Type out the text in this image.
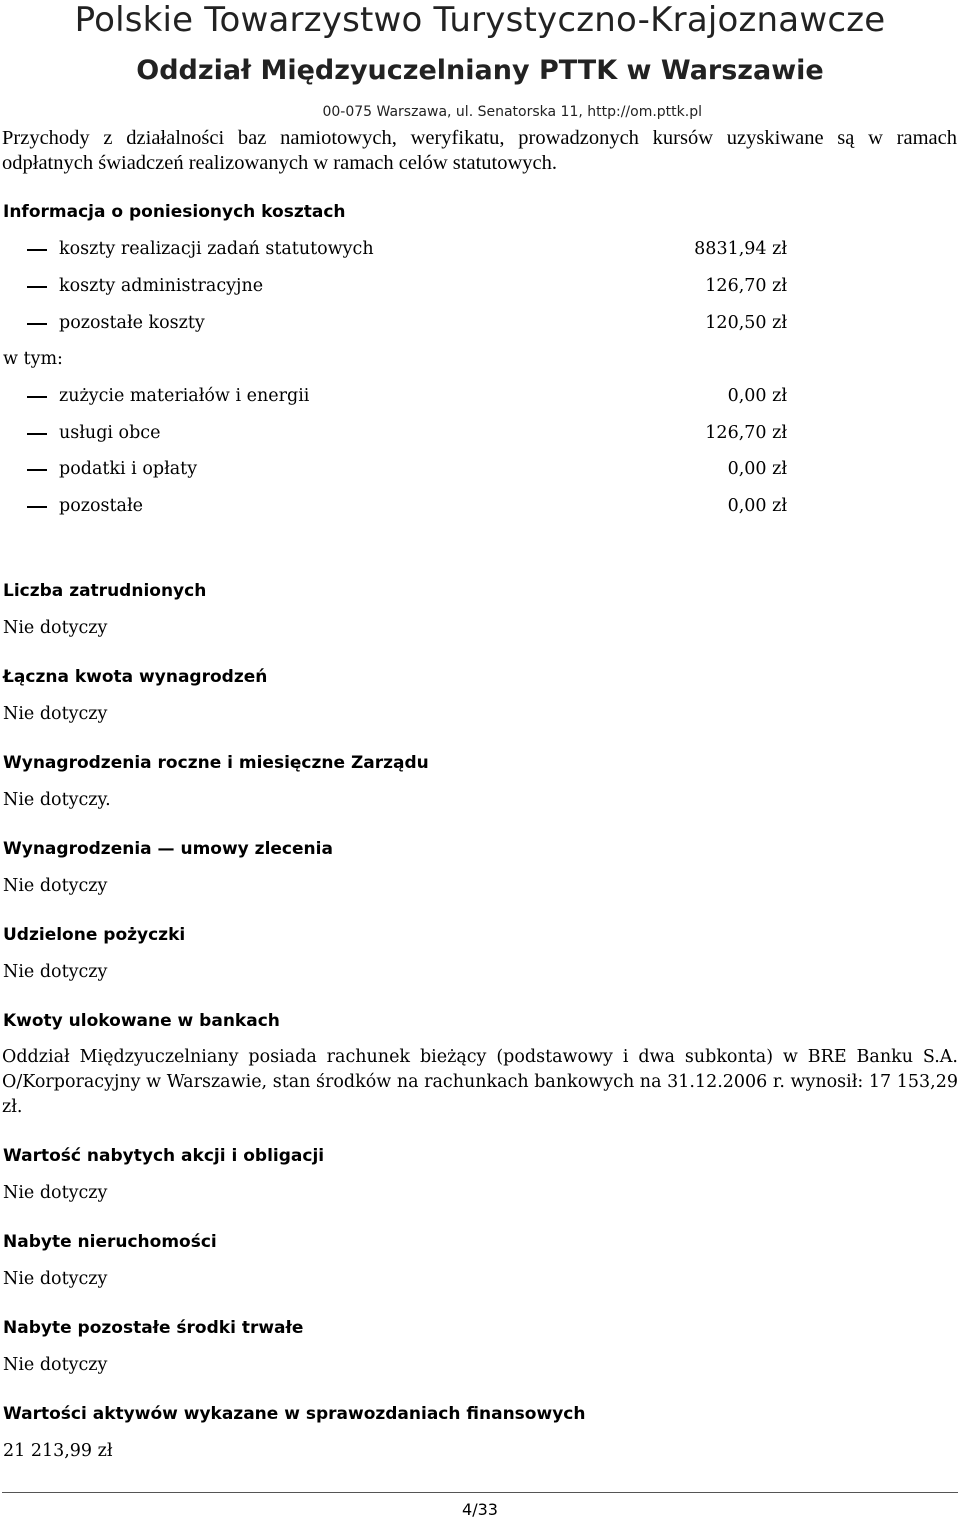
Polskie Towarzystwo Turystyczno-Krajoznawcze
Oddział Międzyuczelniany PTTK w Warszawie
00-075 Warszawa, ul. Senatorska 11, http://om.pttk.pl
Przychody z działalności baz namiotowych, weryfikatu, prowadzonych kursów uzyskiwane są w ramach odpłatnych świadczeń realizowanych w ramach celów statutowych.
Informacja o poniesionych kosztach
koszty realizacji zadań statutowych	8831,94 zł
koszty administracyjne	126,70 zł
pozostałe koszty	120,50 zł
w tym:
zużycie materiałów i energii	0,00 zł
usługi obce	126,70 zł
podatki i opłaty	0,00 zł
pozostałe	0,00 zł
Liczba zatrudnionych
Nie dotyczy
Łączna kwota wynagrodzeń
Nie dotyczy
Wynagrodzenia roczne i miesięczne Zarządu
Nie dotyczy.
Wynagrodzenia — umowy zlecenia
Nie dotyczy
Udzielone pożyczki
Nie dotyczy
Kwoty ulokowane w bankach
Oddział Międzyuczelniany posiada rachunek bieżący (podstawowy i dwa subkonta) w BRE Banku S.A. O/Korporacyjny w Warszawie, stan środków na rachunkach bankowych na 31.12.2006 r. wynosił: 17 153,29 zł.
Wartość nabytych akcji i obligacji
Nie dotyczy
Nabyte nieruchomości
Nie dotyczy
Nabyte pozostałe środki trwałe
Nie dotyczy
Wartości aktywów wykazane w sprawozdaniach finansowych
21 213,99 zł
4/33
